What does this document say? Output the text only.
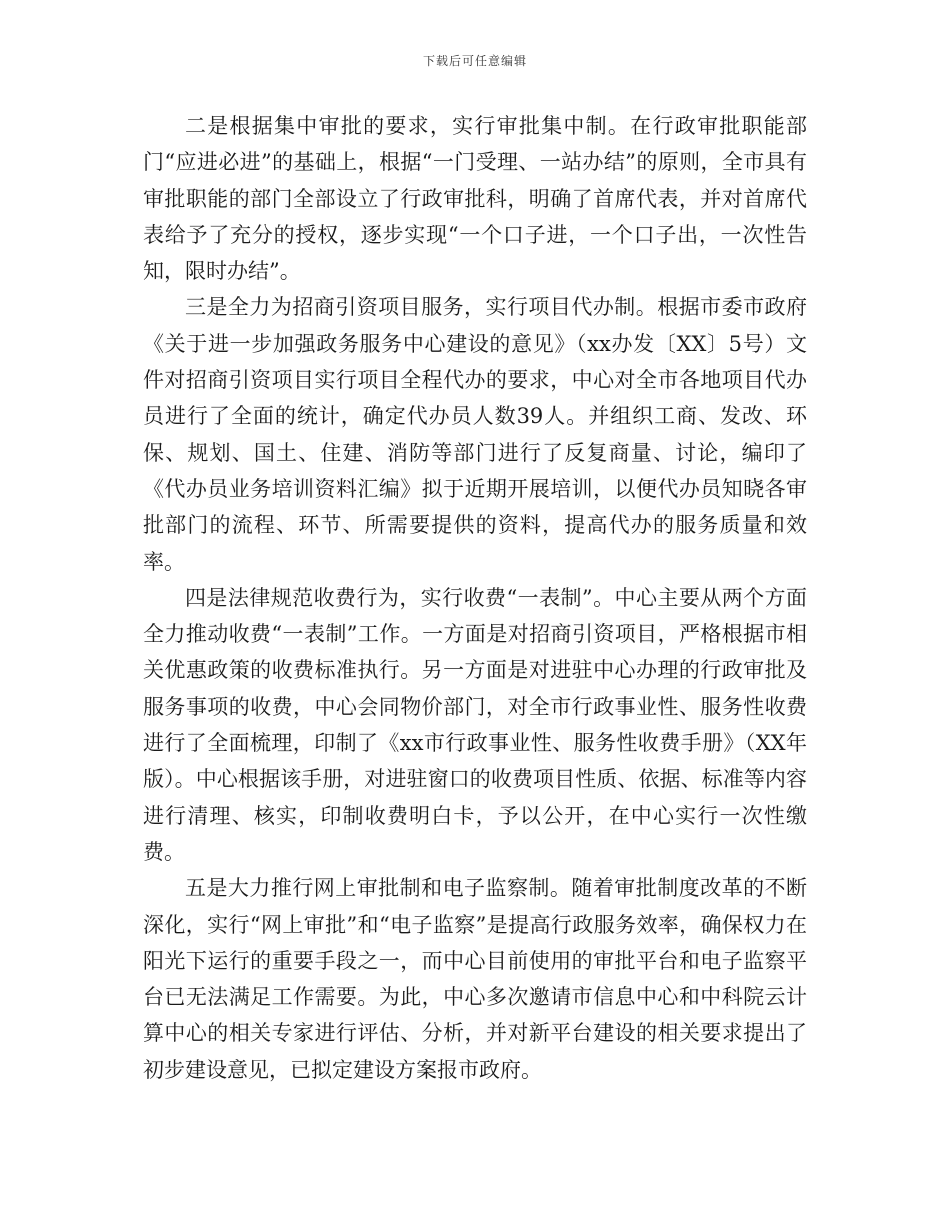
下载后可任意编辑

二是根据集中审批的要求，实行审批集中制。在行政审批职能部门“应进必进”的基础上，根据“一门受理、一站办结”的原则，全市具有审批职能的部门全部设立了行政审批科，明确了首席代表，并对首席代表给予了充分的授权，逐步实现“一个口子进，一个口子出，一次性告知，限时办结”。

三是全力为招商引资项目服务，实行项目代办制。根据市委市政府《关于进一步加强政务服务中心建设的意见》（xx办发〔XX〕5号）文件对招商引资项目实行项目全程代办的要求，中心对全市各地项目代办员进行了全面的统计，确定代办员人数39人。并组织工商、发改、环保、规划、国土、住建、消防等部门进行了反复商量、讨论，编印了《代办员业务培训资料汇编》拟于近期开展培训，以便代办员知晓各审批部门的流程、环节、所需要提供的资料，提高代办的服务质量和效率。

四是法律规范收费行为，实行收费“一表制”。中心主要从两个方面全力推动收费“一表制”工作。一方面是对招商引资项目，严格根据市相关优惠政策的收费标准执行。另一方面是对进驻中心办理的行政审批及服务事项的收费，中心会同物价部门，对全市行政事业性、服务性收费进行了全面梳理，印制了《xx市行政事业性、服务性收费手册》（XX年版）。中心根据该手册，对进驻窗口的收费项目性质、依据、标准等内容进行清理、核实，印制收费明白卡，予以公开，在中心实行一次性缴费。

五是大力推行网上审批制和电子监察制。随着审批制度改革的不断深化，实行“网上审批”和“电子监察”是提高行政服务效率，确保权力在阳光下运行的重要手段之一，而中心目前使用的审批平台和电子监察平台已无法满足工作需要。为此，中心多次邀请市信息中心和中科院云计算中心的相关专家进行评估、分析，并对新平台建设的相关要求提出了初步建设意见，已拟定建设方案报市政府。
